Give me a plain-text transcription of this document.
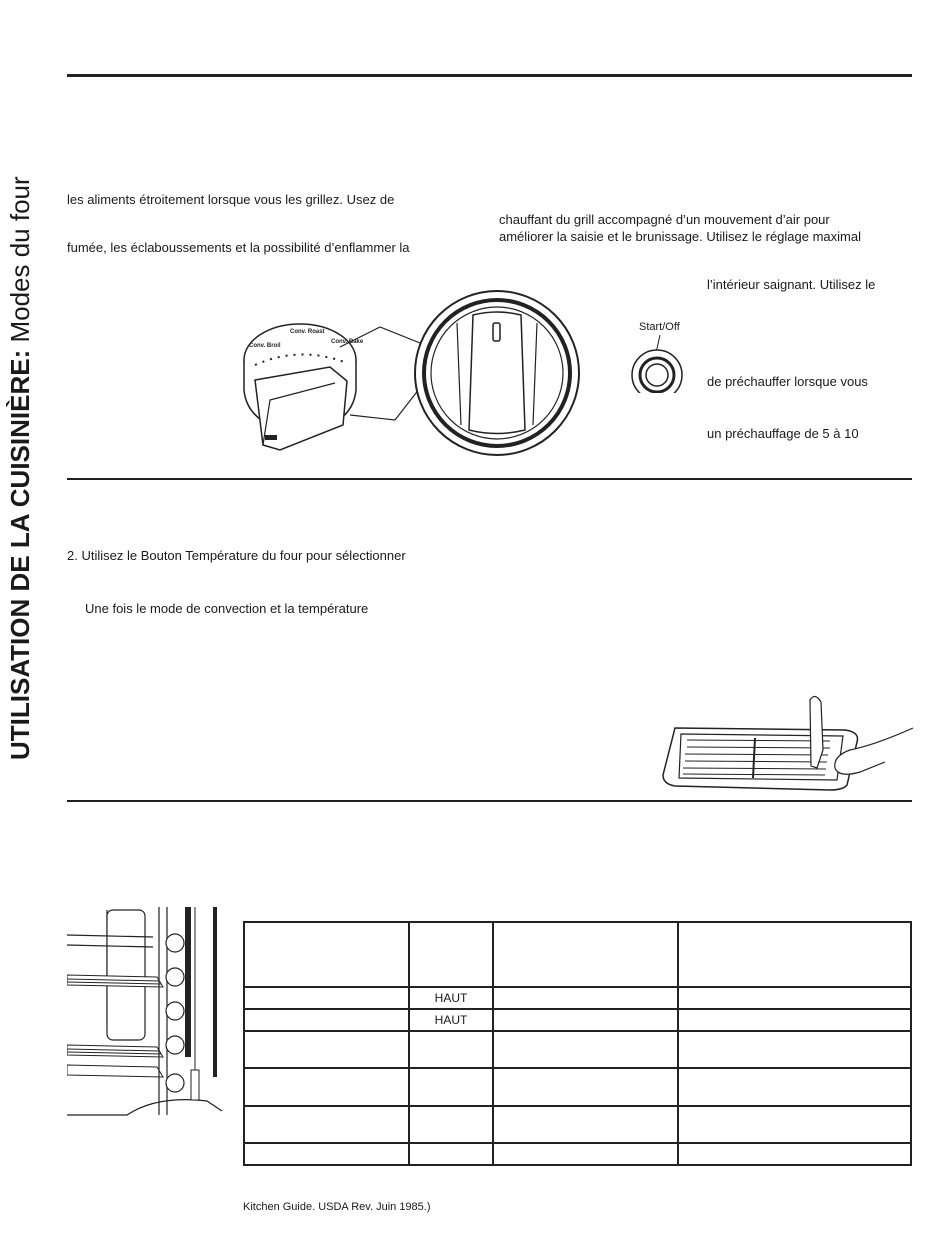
UTILISATION DE LA CUISINIÈRE: Modes du four les aliments étroitement lorsque vous les grillez. Usez de
fumée, les éclaboussements et la possibilité d’enflammer la
chauffant du grill accompagné d’un mouvement d’air pour
améliorer la saisie et le brunissage. Utilisez le réglage maximal
l’intérieur saignant. Utilisez le
de préchauffer lorsque vous
un préchauffage de 5 à 10
Conv. Roast
Conv. Broil
Conv. Bake
Start/Off
2. Utilisez le Bouton Température du four pour sélectionner
Une fois le mode de convection et la température

	HAUT		
	HAUT		

Kitchen Guide. USDA Rev. Juin 1985.)
